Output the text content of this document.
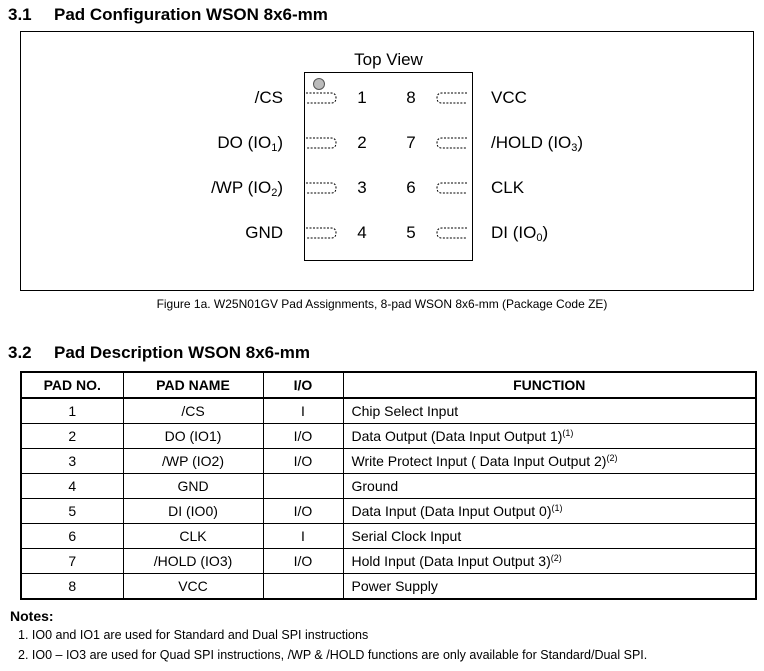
3.1 Pad Configuration WSON 8x6-mm
Top View
1
/CS
2
DO $(IO_1)$
3
/WP $(IO_2)$
4
GND
8	VCC
7	/HOLD $(IO_3)$
6	CLK
5	DI $(IO_0)$
Figure 1a. W25N01GV Pad Assignments, 8-pad WSON 8x6-mm (Package Code ZE)
3.2 Pad Description WSON 8x6-mm
PAD NO.	PAD NAME	I/O	FUNCTION
1	/CS	I	Chip Select Input
2	DO (IO1)	I/O	Data Output (Data Input Output 1)$^{(1)}$
3	/WP (IO2)	I/O	Write Protect Input ( Data Input Output 2)$^{(2)}$
4	GND		Ground
5	DI (IO0)	I/O	Data Input (Data Input Output 0)$^{(1)}$
6	CLK	I	Serial Clock Input
7	/HOLD (IO3)	I/O	Hold Input (Data Input Output 3)$^{(2)}$
8	VCC		Power Supply
Notes:
1. IO0 and IO1 are used for Standard and Dual SPI instructions
2. IO0 – IO3 are used for Quad SPI instructions, /WP & /HOLD functions are only available for Standard/Dual SPI.
